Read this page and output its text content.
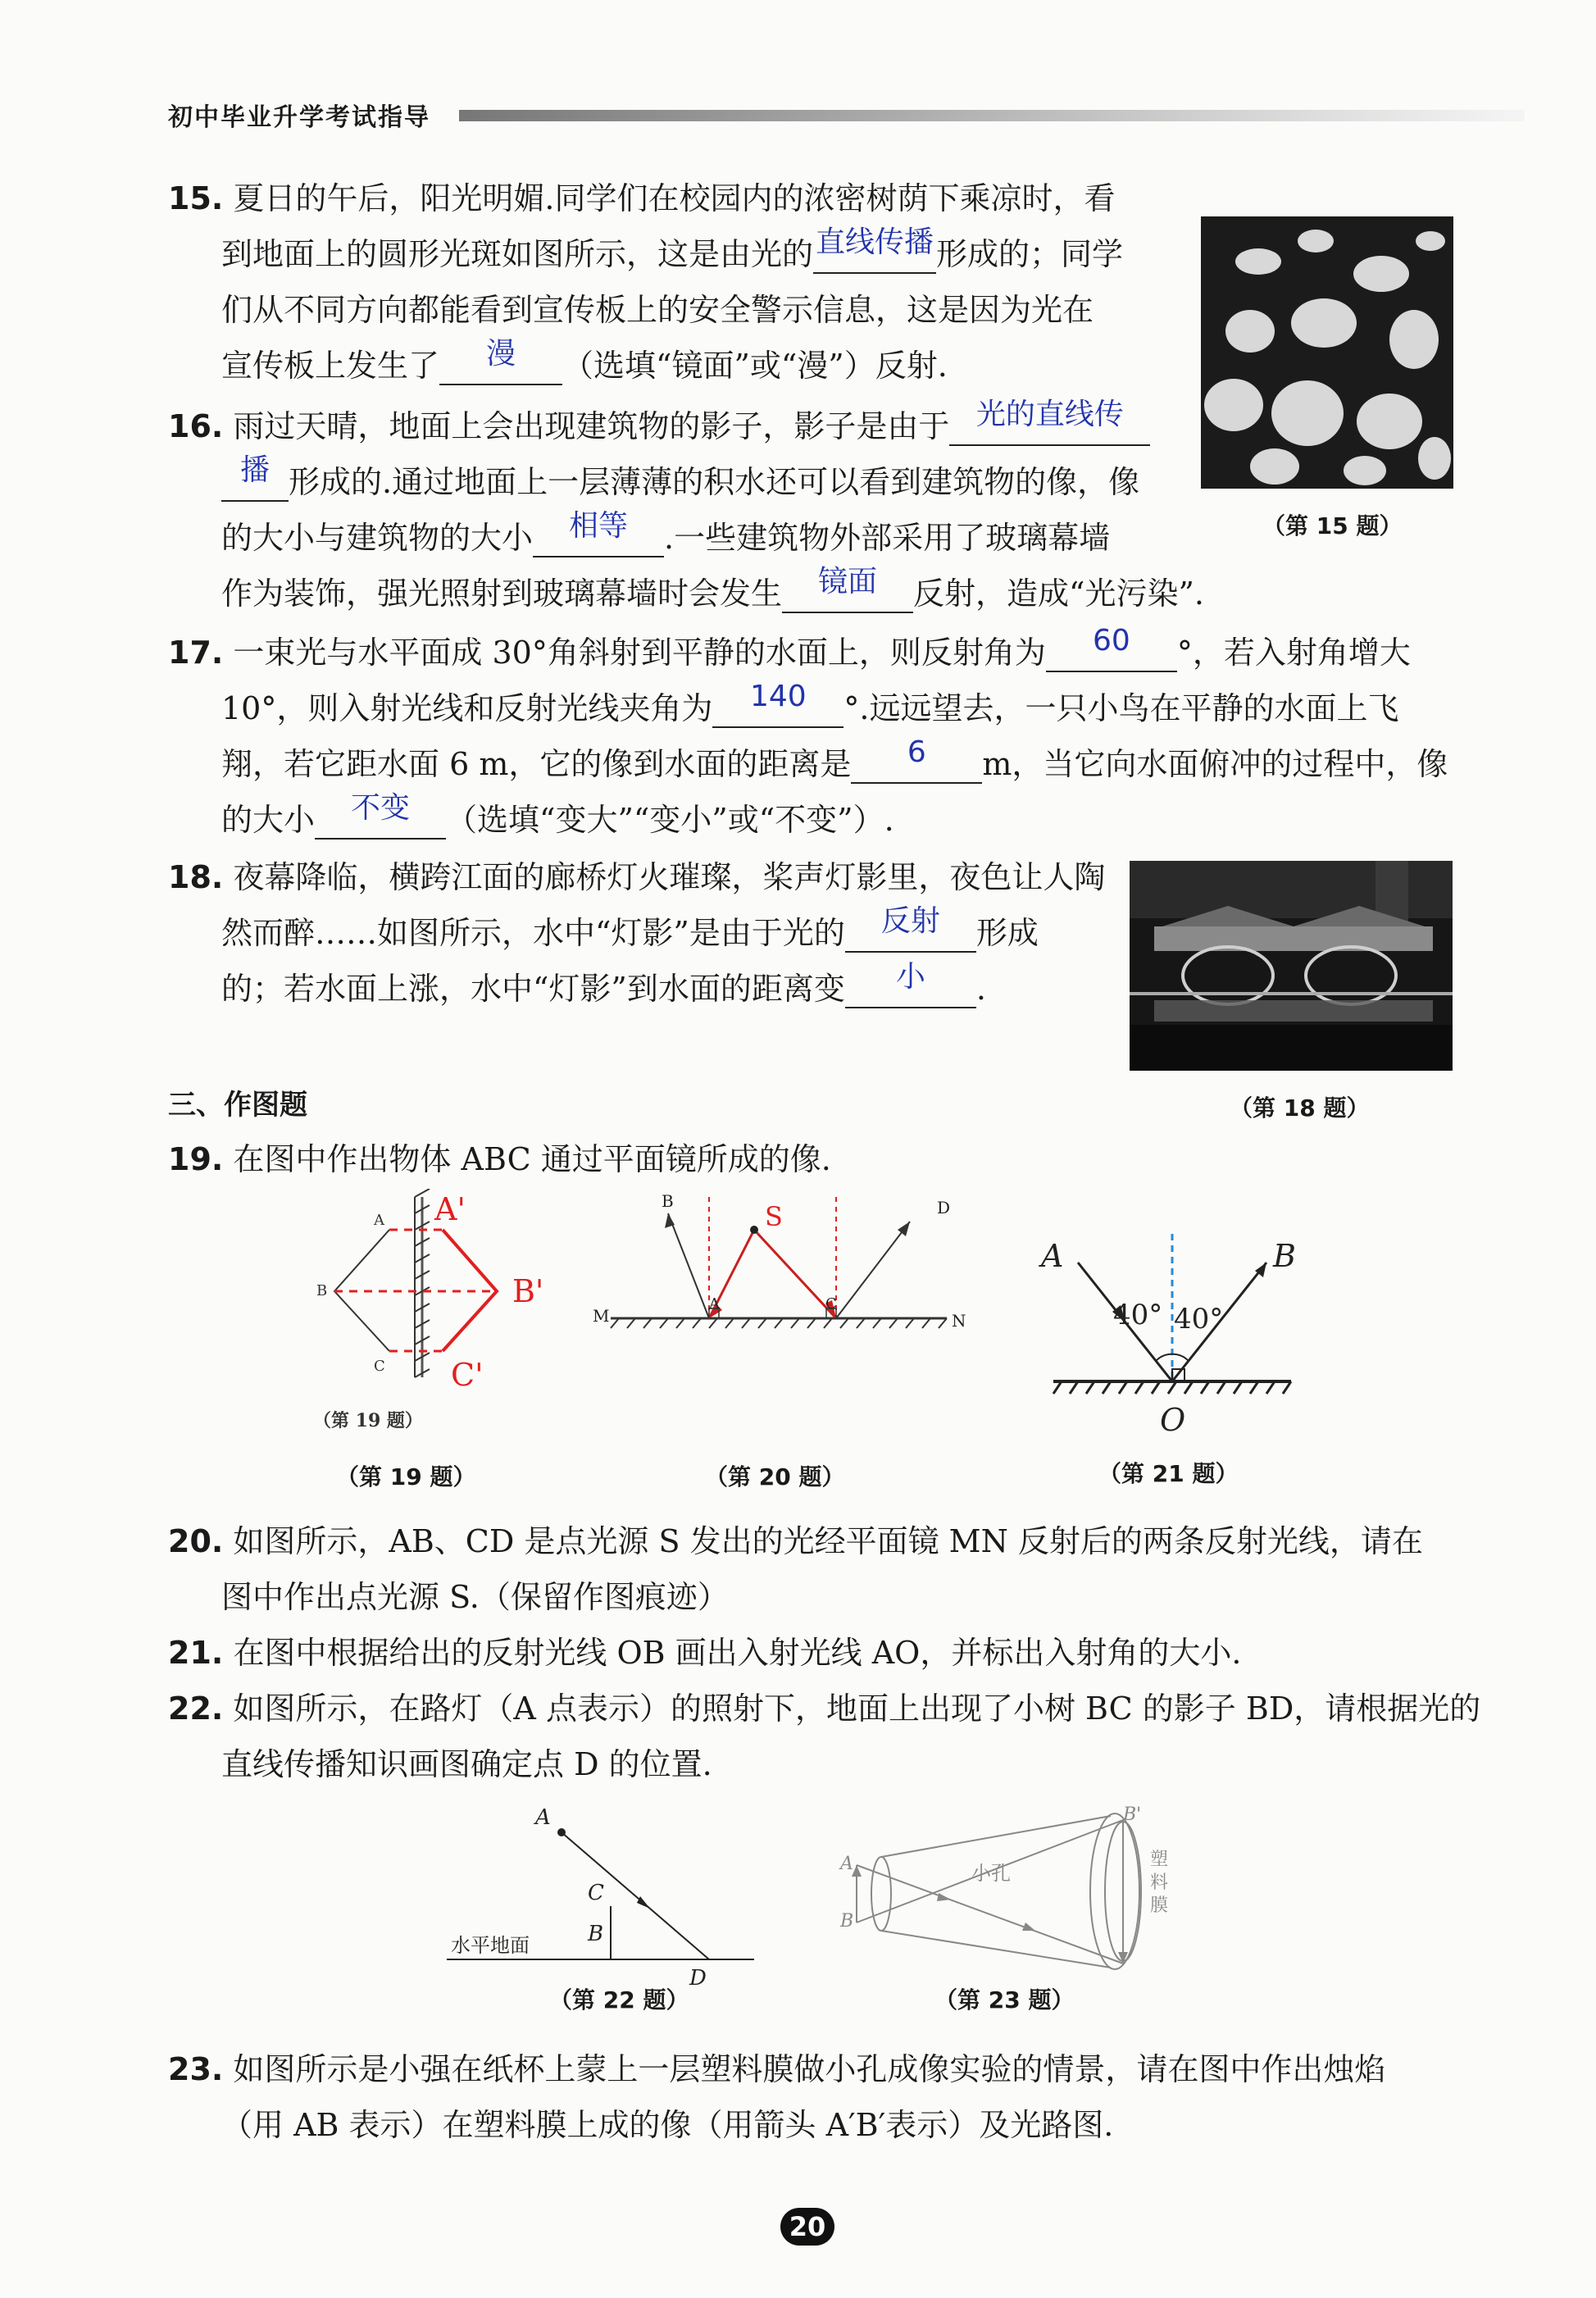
初中毕业升学考试指导
15. 夏日的午后，阳光明媚.同学们在校园内的浓密树荫下乘凉时，看
到地面上的圆形光斑如图所示，这是由光的 直线传播 形成的；同学
们从不同方向都能看到宣传板上的安全警示信息，这是因为光在
宣传板上发生了	漫	（选填“镜面”或“漫”）反射.
（第 15 题）
16. 雨过天晴，地面上会出现建筑物的影子，影子是由于 光的直线传
播 形成的.通过地面上一层薄薄的积水还可以看到建筑物的像，像
的大小与建筑物的大小	相等	.一些建筑物外部采用了玻璃幕墙
作为装饰，强光照射到玻璃幕墙时会发生	镜面	反射，造成“光污染”.
17. 一束光与水平面成 30°角斜射到平静的水面上，则反射角为	60	°，若入射角增大
10°，则入射光线和反射光线夹角为	140	°.远远望去，一只小鸟在平静的水面上飞
翔，若它距水面 6 m，它的像到水面的距离是	6	m，当它向水面俯冲的过程中，像
的大小	不变	（选填“变大”“变小”或“不变”）.
18. 夜幕降临，横跨江面的廊桥灯火璀璨，桨声灯影里，夜色让人陶
然而醉……如图所示，水中“灯影”是由于光的	反射	形成
的；若水面上涨，水中“灯影”到水面的距离变	小	.
（第 18 题）
三、作图题
19. 在图中作出物体 ABC 通过平面镜所成的像.
A
B
C
A'
B'
C'
（第 19 题）
（第 19 题）
B	S	D
M	N
A	C
（第 20 题）
A	B
O
40° 40°
（第 21 题）
20. 如图所示，AB、CD 是点光源 S 发出的光经平面镜 MN 反射后的两条反射光线，请在
图中作出点光源 S.（保留作图痕迹）
21. 在图中根据给出的反射光线 OB 画出入射光线 AO，并标出入射角的大小.
22. 如图所示，在路灯（A 点表示）的照射下，地面上出现了小树 BC 的影子 BD，请根据光的
直线传播知识画图确定点 D 的位置.
A
C
B
D
水平地面
（第 22 题）
A
B
B'
小孔
塑
料
膜
（第 23 题）
23. 如图所示是小强在纸杯上蒙上一层塑料膜做小孔成像实验的情景，请在图中作出烛焰
（用 AB 表示）在塑料膜上成的像（用箭头 A′B′表示）及光路图.
20
